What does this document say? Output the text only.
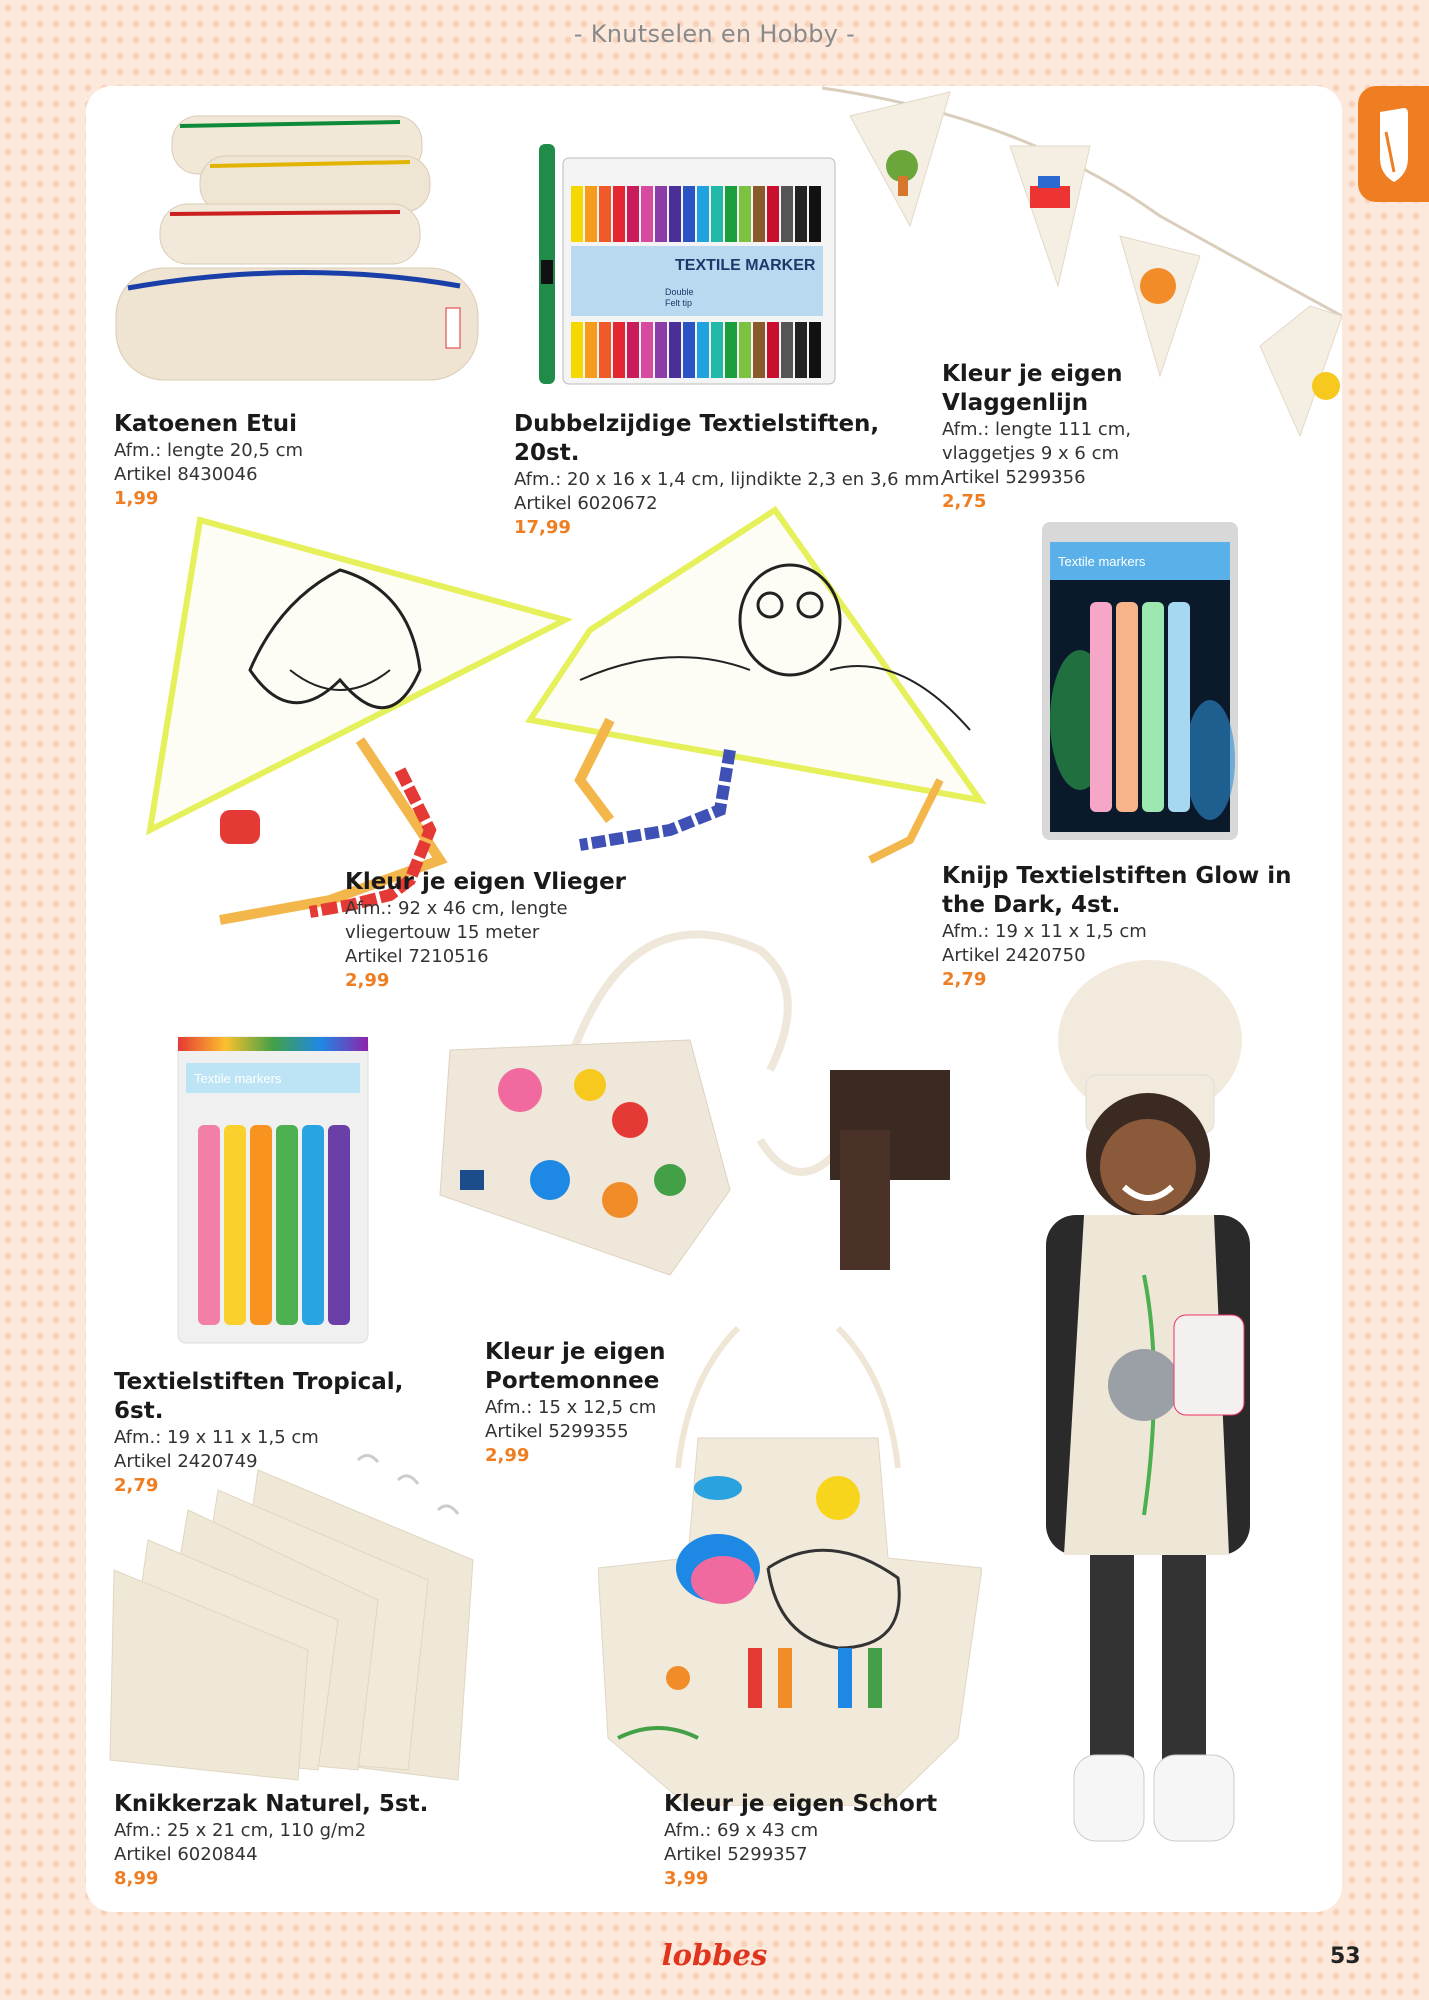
- Knutselen en Hobby -
TEXTILE MARKER
Double
Felt tip
Textile markers
Textile markers
Katoenen Etui
Afm.: lengte 20,5 cm
Artikel 8430046
1,99
Dubbelzijdige Textielstiften, 20st.
Afm.: 20 x 16 x 1,4 cm, lijndikte 2,3 en 3,6 mm.
Artikel 6020672
17,99
Kleur je eigen Vlaggenlijn
Afm.: lengte 111 cm,
vlaggetjes 9 x 6 cm
Artikel 5299356
2,75
Kleur je eigen Vlieger
Afm.: 92 x 46 cm, lengte
vliegertouw 15 meter
Artikel 7210516
2,99
Knijp Textielstiften Glow in the Dark, 4st.
Afm.: 19 x 11 x 1,5 cm
Artikel 2420750
2,79
Textielstiften Tropical, 6st.
Afm.: 19 x 11 x 1,5 cm
Artikel 2420749
2,79
Kleur je eigen Portemonnee
Afm.: 15 x 12,5 cm
Artikel 5299355
2,99
Knikkerzak Naturel, 5st.
Afm.: 25 x 21 cm, 110 g/m2
Artikel 6020844
8,99
Kleur je eigen Schort
Afm.: 69 x 43 cm
Artikel 5299357
3,99
lobbes	53
